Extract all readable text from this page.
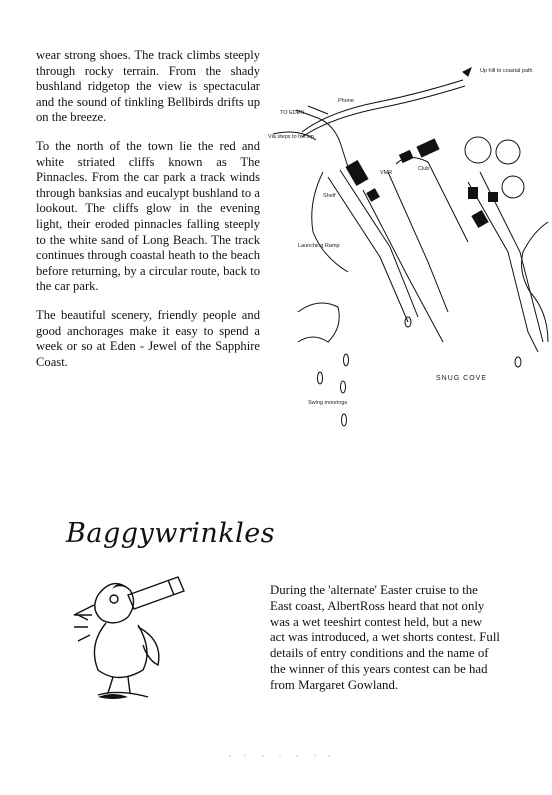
wear strong shoes. The track climbs steeply through rocky terrain. From the shady bushland ridgetop the view is spectacular and the sound of tinkling Bellbirds drifts up on the breeze.

To the north of the town lie the red and white striated cliffs known as The Pinnacles. From the car park a track winds through banksias and eucalypt bushland to a lookout. The cliffs glow in the evening light, their eroded pinnacles falling steeply to the white sand of Long Beach. The track continues through coastal heath to the beach before returning, by a circular route, back to the car park.

The beautiful scenery, friendly people and good anchorages make it easy to spend a week or so at Eden - Jewel of the Sapphire Coast.

Up hill to coastal path
TO EDEN
Phone
Via steps to hill top
VMR
Club
Shelf
Launching Ramp
Swing moorings
SNUG COVE
Baggywrinkles

During the 'alternate' Easter cruise to the East coast, AlbertRoss heard that not only was a wet teeshirt contest held, but a new act was introduced, a wet shorts contest. Full details of entry conditions and the name of the winner of this years contest can be had from Margaret Gowland.
